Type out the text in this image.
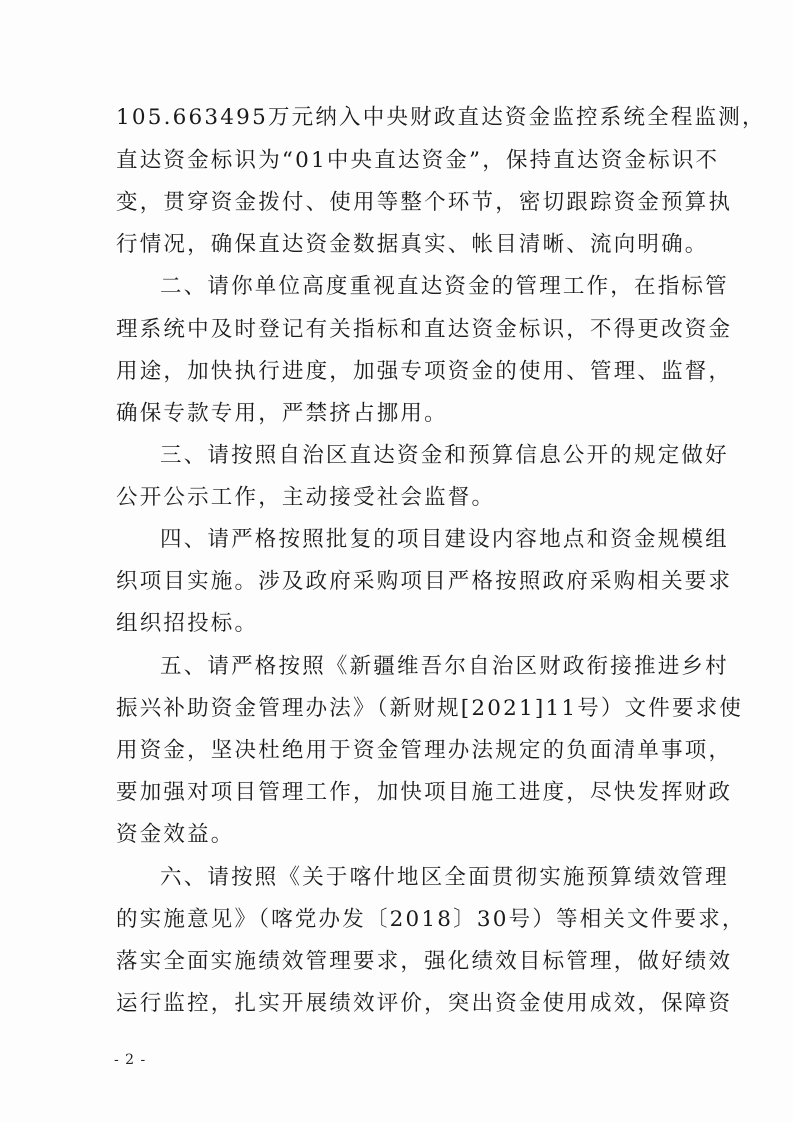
105.663495万元纳入中央财政直达资金监控系统全程监测，
直达资金标识为“01中央直达资金”，保持直达资金标识不
变，贯穿资金拨付、使用等整个环节，密切跟踪资金预算执
行情况，确保直达资金数据真实、帐目清晰、流向明确。
二、请你单位高度重视直达资金的管理工作，在指标管
理系统中及时登记有关指标和直达资金标识，不得更改资金
用途，加快执行进度，加强专项资金的使用、管理、监督，
确保专款专用，严禁挤占挪用。
三、请按照自治区直达资金和预算信息公开的规定做好
公开公示工作，主动接受社会监督。
四、请严格按照批复的项目建设内容地点和资金规模组
织项目实施。涉及政府采购项目严格按照政府采购相关要求
组织招投标。
五、请严格按照《新疆维吾尔自治区财政衔接推进乡村
振兴补助资金管理办法》（新财规[2021]11号）文件要求使
用资金，坚决杜绝用于资金管理办法规定的负面清单事项，
要加强对项目管理工作，加快项目施工进度，尽快发挥财政
资金效益。
六、请按照《关于喀什地区全面贯彻实施预算绩效管理
的实施意见》（喀党办发〔2018〕30号）等相关文件要求，
落实全面实施绩效管理要求，强化绩效目标管理，做好绩效
运行监控，扎实开展绩效评价，突出资金使用成效，保障资
- 2 -
